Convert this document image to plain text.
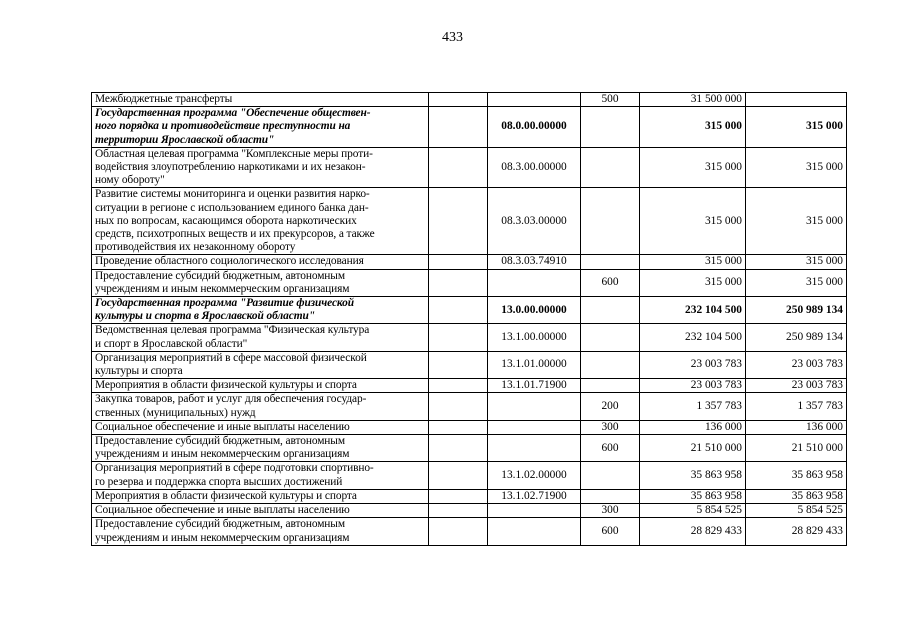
433
Межбюджетные трансферты			500	31 500 000	

Государственная программа "Обеспечение обществен-
ного порядка и противодействие преступности на
территории Ярославской области"		08.0.00.00000		315 000	315 000

Областная целевая программа "Комплексные меры проти-
водействия злоупотреблению наркотиками и их незакон-
ному обороту"		08.3.00.00000		315 000	315 000

Развитие системы мониторинга и оценки развития нарко-
ситуации в регионе с использованием единого банка дан-
ных по вопросам, касающимся оборота наркотических
средств, психотропных веществ и их прекурсоров, а также
противодействия их незаконному обороту		08.3.03.00000		315 000	315 000

Проведение областного социологического исследования		08.3.03.74910		315 000	315 000

Предоставление субсидий бюджетным, автономным
учреждениям и иным некоммерческим организациям			600	315 000	315 000

Государственная программа "Развитие физической
культуры и спорта в Ярославской области"		13.0.00.00000		232 104 500	250 989 134

Ведомственная целевая программа "Физическая культура
и спорт в Ярославской области"		13.1.00.00000		232 104 500	250 989 134

Организация мероприятий в сфере массовой физической
культуры и спорта		13.1.01.00000		23 003 783	23 003 783

Мероприятия в области физической культуры и спорта		13.1.01.71900		23 003 783	23 003 783

Закупка товаров, работ и услуг для обеспечения государ-
ственных (муниципальных) нужд			200	1 357 783	1 357 783

Социальное обеспечение и иные выплаты населению			300	136 000	136 000

Предоставление субсидий бюджетным, автономным
учреждениям и иным некоммерческим организациям			600	21 510 000	21 510 000

Организация мероприятий в сфере подготовки спортивно-
го резерва и поддержка спорта высших достижений		13.1.02.00000		35 863 958	35 863 958

Мероприятия в области физической культуры и спорта		13.1.02.71900		35 863 958	35 863 958

Социальное обеспечение и иные выплаты населению			300	5 854 525	5 854 525

Предоставление субсидий бюджетным, автономным
учреждениям и иным некоммерческим организациям			600	28 829 433	28 829 433
